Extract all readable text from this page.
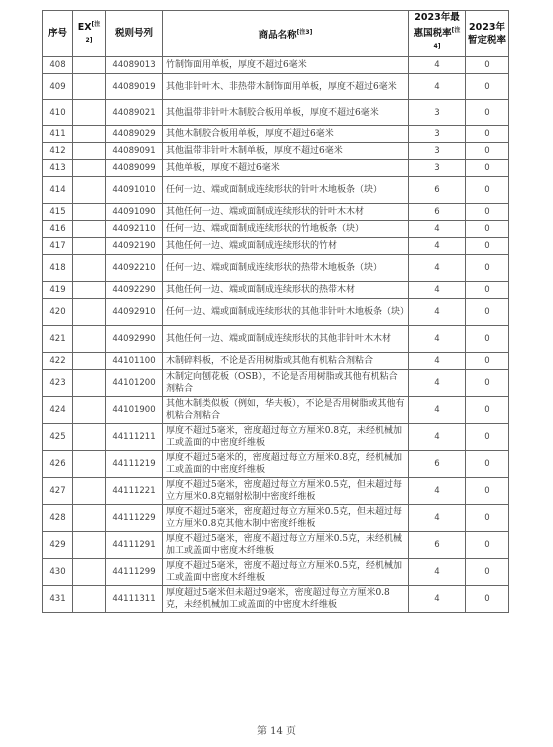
序号	EX[注2]	税则号列	商品名称[注3]	2023年最惠国税率[注4]	2023年暂定税率
408		44089013	竹制饰面用单板，厚度不超过6毫米	4	0
409		44089019	其他非针叶木、非热带木制饰面用单板，厚度不超过6毫米	4	0
410		44089021	其他温带非针叶木制胶合板用单板，厚度不超过6毫米	3	0
411		44089029	其他木制胶合板用单板，厚度不超过6毫米	3	0
412		44089091	其他温带非针叶木制单板，厚度不超过6毫米	3	0
413		44089099	其他单板，厚度不超过6毫米	3	0
414		44091010	任何一边、端或面制成连续形状的针叶木地板条（块）	6	0
415		44091090	其他任何一边、端或面制成连续形状的针叶木木材	6	0
416		44092110	任何一边、端或面制成连续形状的竹地板条（块）	4	0
417		44092190	其他任何一边、端或面制成连续形状的竹材	4	0
418		44092210	任何一边、端或面制成连续形状的热带木地板条（块）	4	0
419		44092290	其他任何一边、端或面制成连续形状的热带木材	4	0
420		44092910	任何一边、端或面制成连续形状的其他非针叶木地板条（块）	4	0
421		44092990	其他任何一边、端或面制成连续形状的其他非针叶木木材	4	0
422		44101100	木制碎料板，不论是否用树脂或其他有机粘合剂粘合	4	0
423		44101200	木制定向刨花板（OSB），不论是否用树脂或其他有机粘合剂粘合	4	0
424		44101900	其他木制类似板（例如，华夫板），不论是否用树脂或其他有机粘合剂粘合	4	0
425		44111211	厚度不超过5毫米，密度超过每立方厘米0.8克，未经机械加工或盖面的中密度纤维板	4	0
426		44111219	厚度不超过5毫米的，密度超过每立方厘米0.8克，经机械加工或盖面的中密度纤维板	6	0
427		44111221	厚度不超过5毫米，密度超过每立方厘米0.5克，但未超过每立方厘米0.8克辐射松制中密度纤维板	4	0
428		44111229	厚度不超过5毫米，密度超过每立方厘米0.5克，但未超过每立方厘米0.8克其他木制中密度纤维板	4	0
429		44111291	厚度不超过5毫米，密度不超过每立方厘米0.5克，未经机械加工或盖面中密度木纤维板	6	0
430		44111299	厚度不超过5毫米，密度不超过每立方厘米0.5克，经机械加工或盖面中密度木纤维板	4	0
431		44111311	厚度超过5毫米但未超过9毫米，密度超过每立方厘米0.8克，未经机械加工或盖面的中密度木纤维板	4	0
第 14 页
